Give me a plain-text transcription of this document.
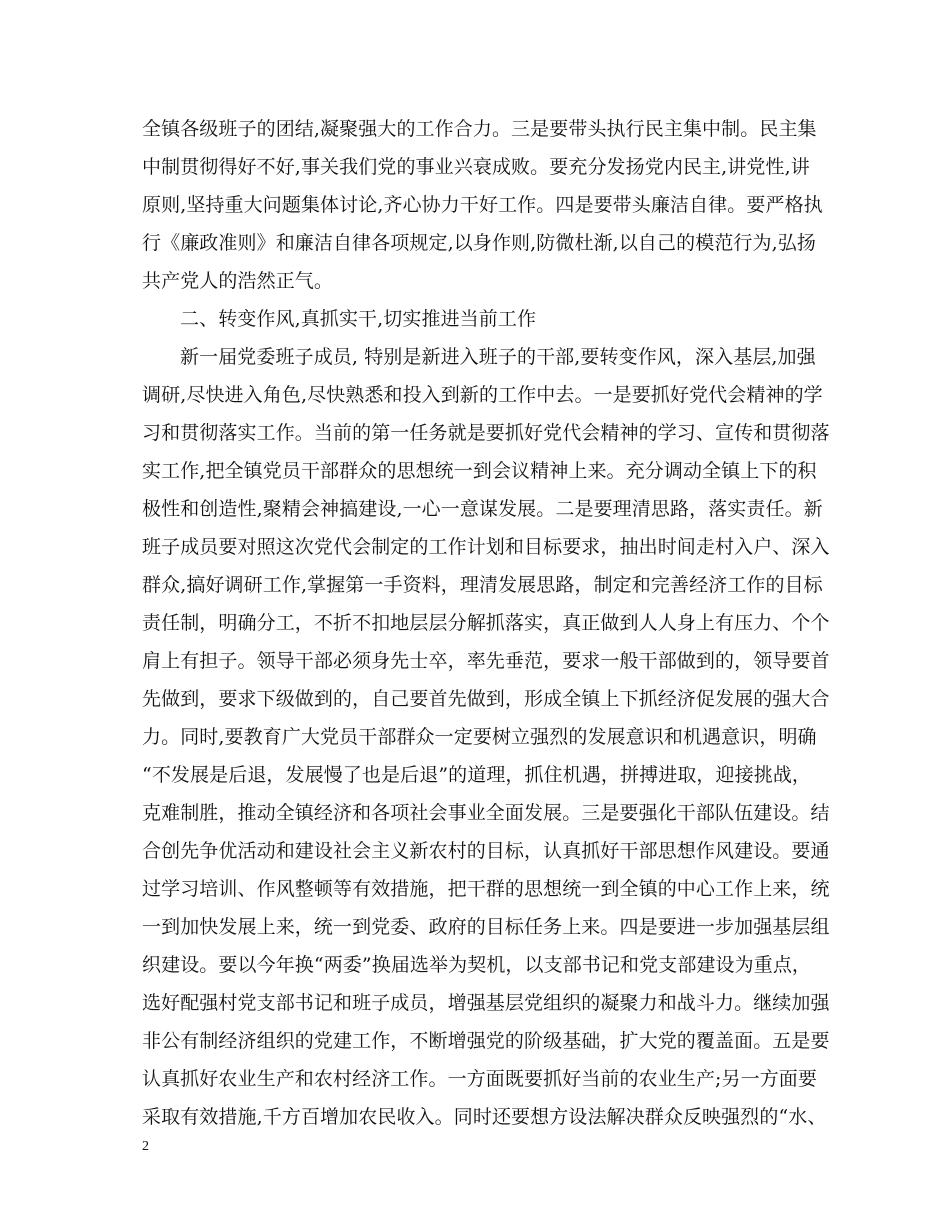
全镇各级班子的团结,凝聚强大的工作合力。三是要带头执行民主集中制。民主集
中制贯彻得好不好,事关我们党的事业兴衰成败。要充分发扬党内民主,讲党性,讲
原则,坚持重大问题集体讨论,齐心协力干好工作。四是要带头廉洁自律。要严格执
行《廉政准则》和廉洁自律各项规定,以身作则,防微杜渐,以自己的模范行为,弘扬
共产党人的浩然正气。
二、转变作风,真抓实干,切实推进当前工作
新一届党委班子成员, 特别是新进入班子的干部,要转变作风，深入基层,加强
调研,尽快进入角色,尽快熟悉和投入到新的工作中去。一是要抓好党代会精神的学
习和贯彻落实工作。当前的第一任务就是要抓好党代会精神的学习、宣传和贯彻落
实工作,把全镇党员干部群众的思想统一到会议精神上来。充分调动全镇上下的积
极性和创造性,聚精会神搞建设,一心一意谋发展。二是要理清思路，落实责任。新
班子成员要对照这次党代会制定的工作计划和目标要求，抽出时间走村入户、深入
群众,搞好调研工作,掌握第一手资料，理清发展思路，制定和完善经济工作的目标
责任制，明确分工，不折不扣地层层分解抓落实，真正做到人人身上有压力、个个
肩上有担子。领导干部必须身先士卒，率先垂范，要求一般干部做到的，领导要首
先做到，要求下级做到的，自己要首先做到，形成全镇上下抓经济促发展的强大合
力。同时,要教育广大党员干部群众一定要树立强烈的发展意识和机遇意识，明确
“不发展是后退，发展慢了也是后退”的道理，抓住机遇，拼搏进取，迎接挑战，
克难制胜，推动全镇经济和各项社会事业全面发展。三是要强化干部队伍建设。结
合创先争优活动和建设社会主义新农村的目标，认真抓好干部思想作风建设。要通
过学习培训、作风整顿等有效措施，把干群的思想统一到全镇的中心工作上来，统
一到加快发展上来，统一到党委、政府的目标任务上来。四是要进一步加强基层组
织建设。要以今年换“两委”换届选举为契机，以支部书记和党支部建设为重点，
选好配强村党支部书记和班子成员，增强基层党组织的凝聚力和战斗力。继续加强
非公有制经济组织的党建工作，不断增强党的阶级基础，扩大党的覆盖面。五是要
认真抓好农业生产和农村经济工作。一方面既要抓好当前的农业生产;另一方面要
采取有效措施,千方百增加农民收入。同时还要想方设法解决群众反映强烈的“水、
2
